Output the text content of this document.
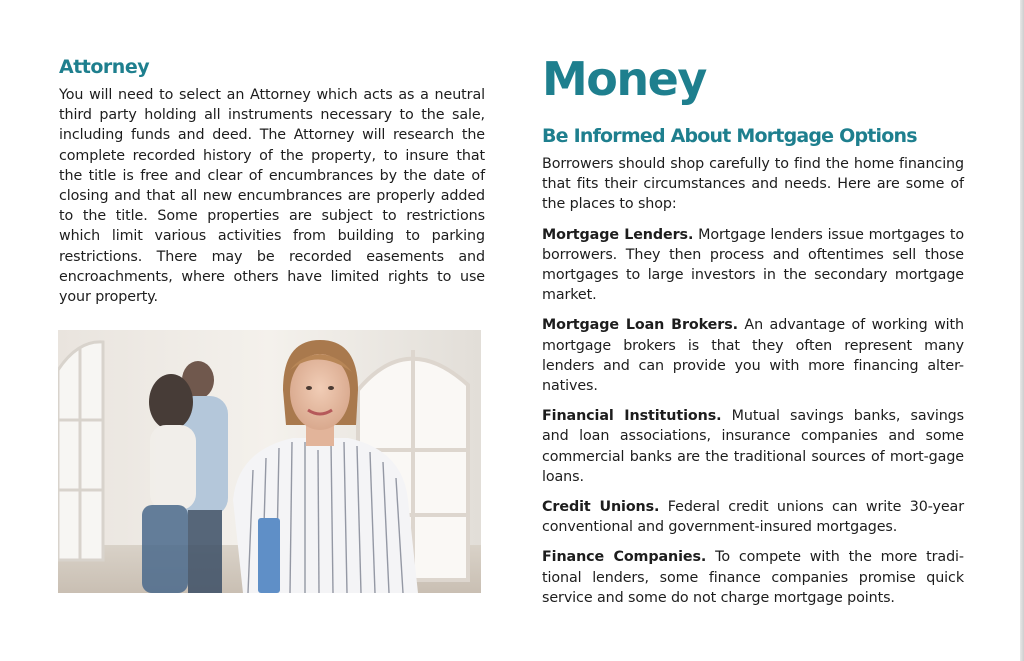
Attorney

You will need to select an Attorney which acts as a neutral third party holding all instruments necessary to the sale, including funds and deed. The Attorney will research the complete recorded history of the property, to insure that the title is free and clear of encumbrances by the date of closing and that all new encumbrances are properly added to the title. Some properties are subject to restrictions which limit various activities from building to parking restrictions. There may be recorded easements and encroachments, where others have limited rights to use your property.

Money
Be Informed About Mortgage Options

Borrowers should shop carefully to find the home financing that fits their circumstances and needs. Here are some of the places to shop:

Mortgage Lenders. Mortgage lenders issue mortgages to borrowers. They then process and oftentimes sell those mortgages to large investors in the secondary mortgage market.

Mortgage Loan Brokers. An advantage of working with mortgage brokers is that they often represent many lenders and can provide you with more financing alter-natives.

Financial Institutions. Mutual savings banks, savings and loan associations, insurance companies and some commercial banks are the traditional sources of mort-gage loans.

Credit Unions. Federal credit unions can write 30-year conventional and government-insured mortgages.

Finance Companies. To compete with the more tradi-tional lenders, some finance companies promise quick service and some do not charge mortgage points.
